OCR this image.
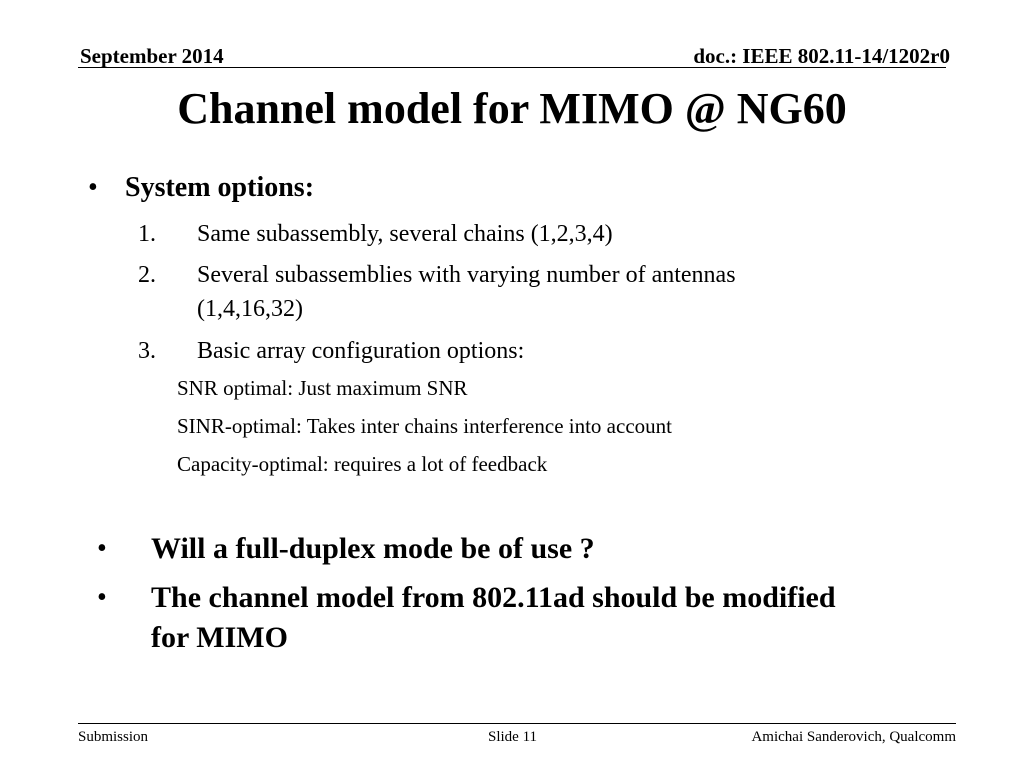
September 2014	doc.: IEEE 802.11-14/1202r0
Channel model for MIMO @ NG60
• System options:
1. Same subassembly, several chains (1,2,3,4)
2. Several subassemblies with varying number of antennas
(1,4,16,32)
3. Basic array configuration options:
SNR optimal: Just maximum SNR
SINR-optimal: Takes inter chains interference into account
Capacity-optimal: requires a lot of feedback
• Will a full-duplex mode be of use ?
• The channel model from 802.11ad should be modified
for MIMO
Submission	Slide 11	Amichai Sanderovich, Qualcomm
